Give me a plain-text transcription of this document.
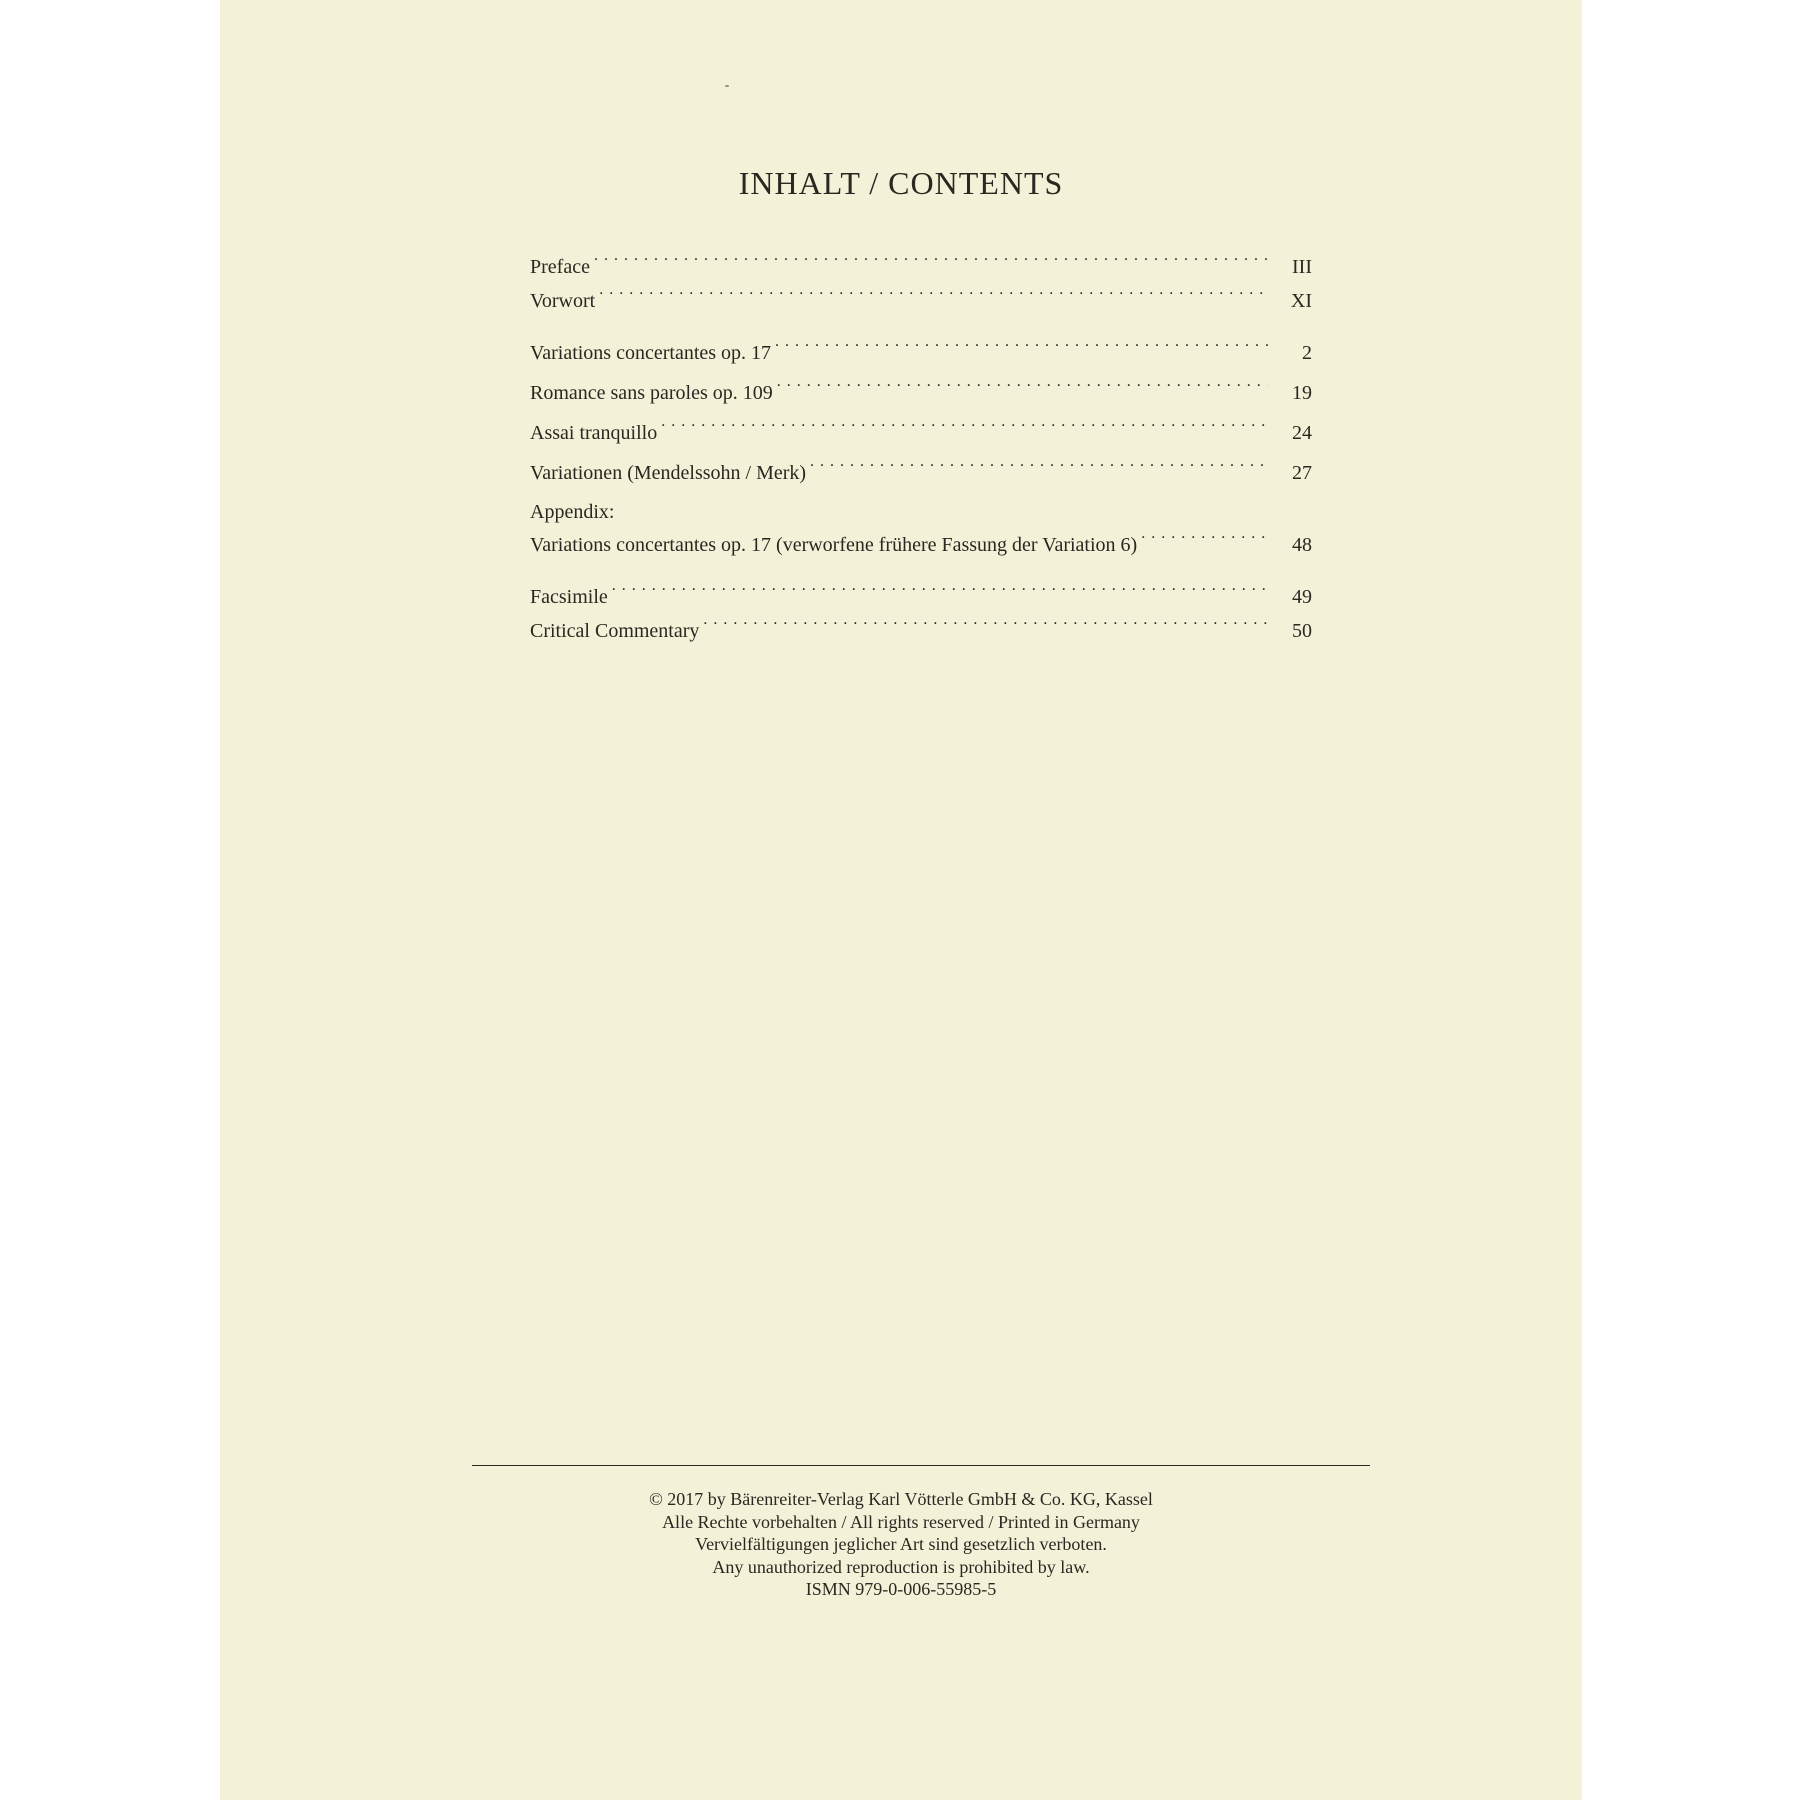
INHALT / CONTENTS
Preface . . .	III
Vorwort . . .	XI
Variations concertantes op. 17 . . .	2
Romance sans paroles op. 109 . . .	19
Assai tranquillo . . .	24
Variationen (Mendelssohn / Merk) . . .	27
Appendix:
Variations concertantes op. 17 (verworfene frühere Fassung der Variation 6) . . .	48
Facsimile . . .	49
Critical Commentary . . .	50
© 2017 by Bärenreiter-Verlag Karl Vötterle GmbH & Co. KG, Kassel
Alle Rechte vorbehalten / All rights reserved / Printed in Germany
Vervielfältigungen jeglicher Art sind gesetzlich verboten.
Any unauthorized reproduction is prohibited by law.
ISMN 979-0-006-55985-5
